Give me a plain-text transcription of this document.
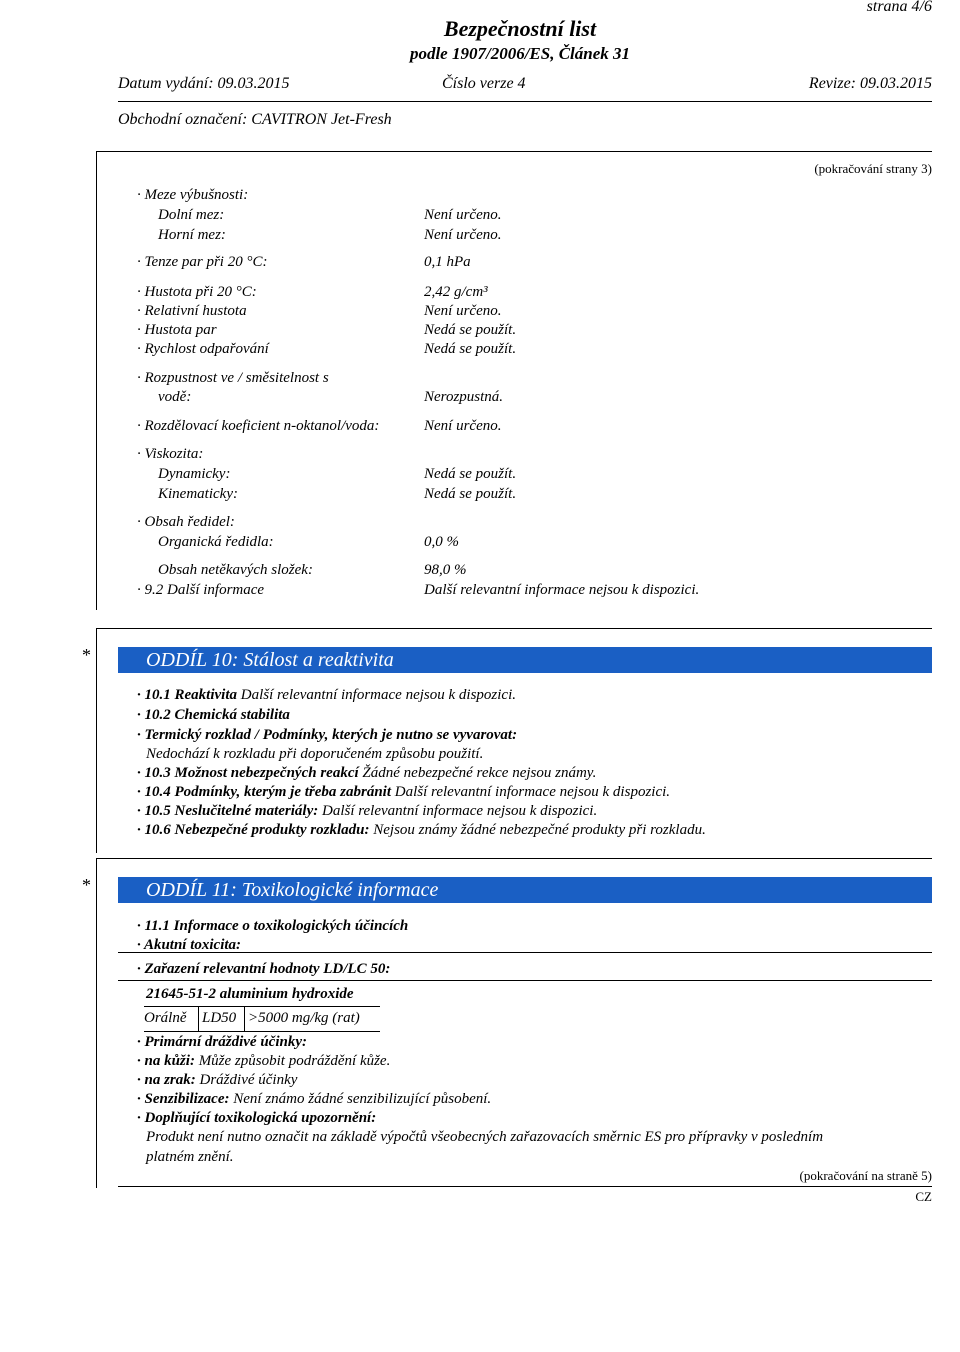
strana 4/6
Bezpečnostní list
podle 1907/2006/ES, Článek 31
Datum vydání: 09.03.2015	Číslo verze 4	Revize: 09.03.2015
Obchodní označení: CAVITRON Jet-Fresh
(pokračování strany 3)
· Meze výbušnosti:
Dolní mez:	Není určeno.
Horní mez:	Není určeno.
· Tenze par při 20 °C:	0,1 hPa
· Hustota při 20 °C:	2,42 g/cm³
· Relativní hustota	Není určeno.
· Hustota par	Nedá se použít.
· Rychlost odpařování	Nedá se použít.
· Rozpustnost ve / směsitelnost s
vodě:	Nerozpustná.
· Rozdělovací koeficient n-oktanol/voda:	Není určeno.
· Viskozita:
Dynamicky:	Nedá se použít.
Kinematicky:	Nedá se použít.
· Obsah ředidel:
Organická ředidla:	0,0 %
Obsah netěkavých složek:	98,0 %
· 9.2 Další informace	Další relevantní informace nejsou k dispozici.
*	ODDÍL 10: Stálost a reaktivita
· 10.1 Reaktivita Další relevantní informace nejsou k dispozici.
· 10.2 Chemická stabilita
· Termický rozklad / Podmínky, kterých je nutno se vyvarovat:
Nedochází k rozkladu při doporučeném způsobu použití.
· 10.3 Možnost nebezpečných reakcí Žádné nebezpečné rekce nejsou známy.
· 10.4 Podmínky, kterým je třeba zabránit Další relevantní informace nejsou k dispozici.
· 10.5 Neslučitelné materiály: Další relevantní informace nejsou k dispozici.
· 10.6 Nebezpečné produkty rozkladu: Nejsou známy žádné nebezpečné produkty při rozkladu.
*	ODDÍL 11: Toxikologické informace
· 11.1 Informace o toxikologických účincích
· Akutní toxicita:
· Zařazení relevantní hodnoty LD/LC 50:
21645-51-2 aluminium hydroxide
Orálně LD50 >5000 mg/kg (rat)
· Primární dráždivé účinky:
· na kůži: Může způsobit podráždění kůže.
· na zrak: Dráždivé účinky
· Senzibilizace: Není známo žádné senzibilizující působení.
· Doplňující toxikologická upozornění:
Produkt není nutno označit na základě výpočtů všeobecných zařazovacích směrnic ES pro přípravky v posledním
platném znění.
(pokračování na straně 5)
CZ
